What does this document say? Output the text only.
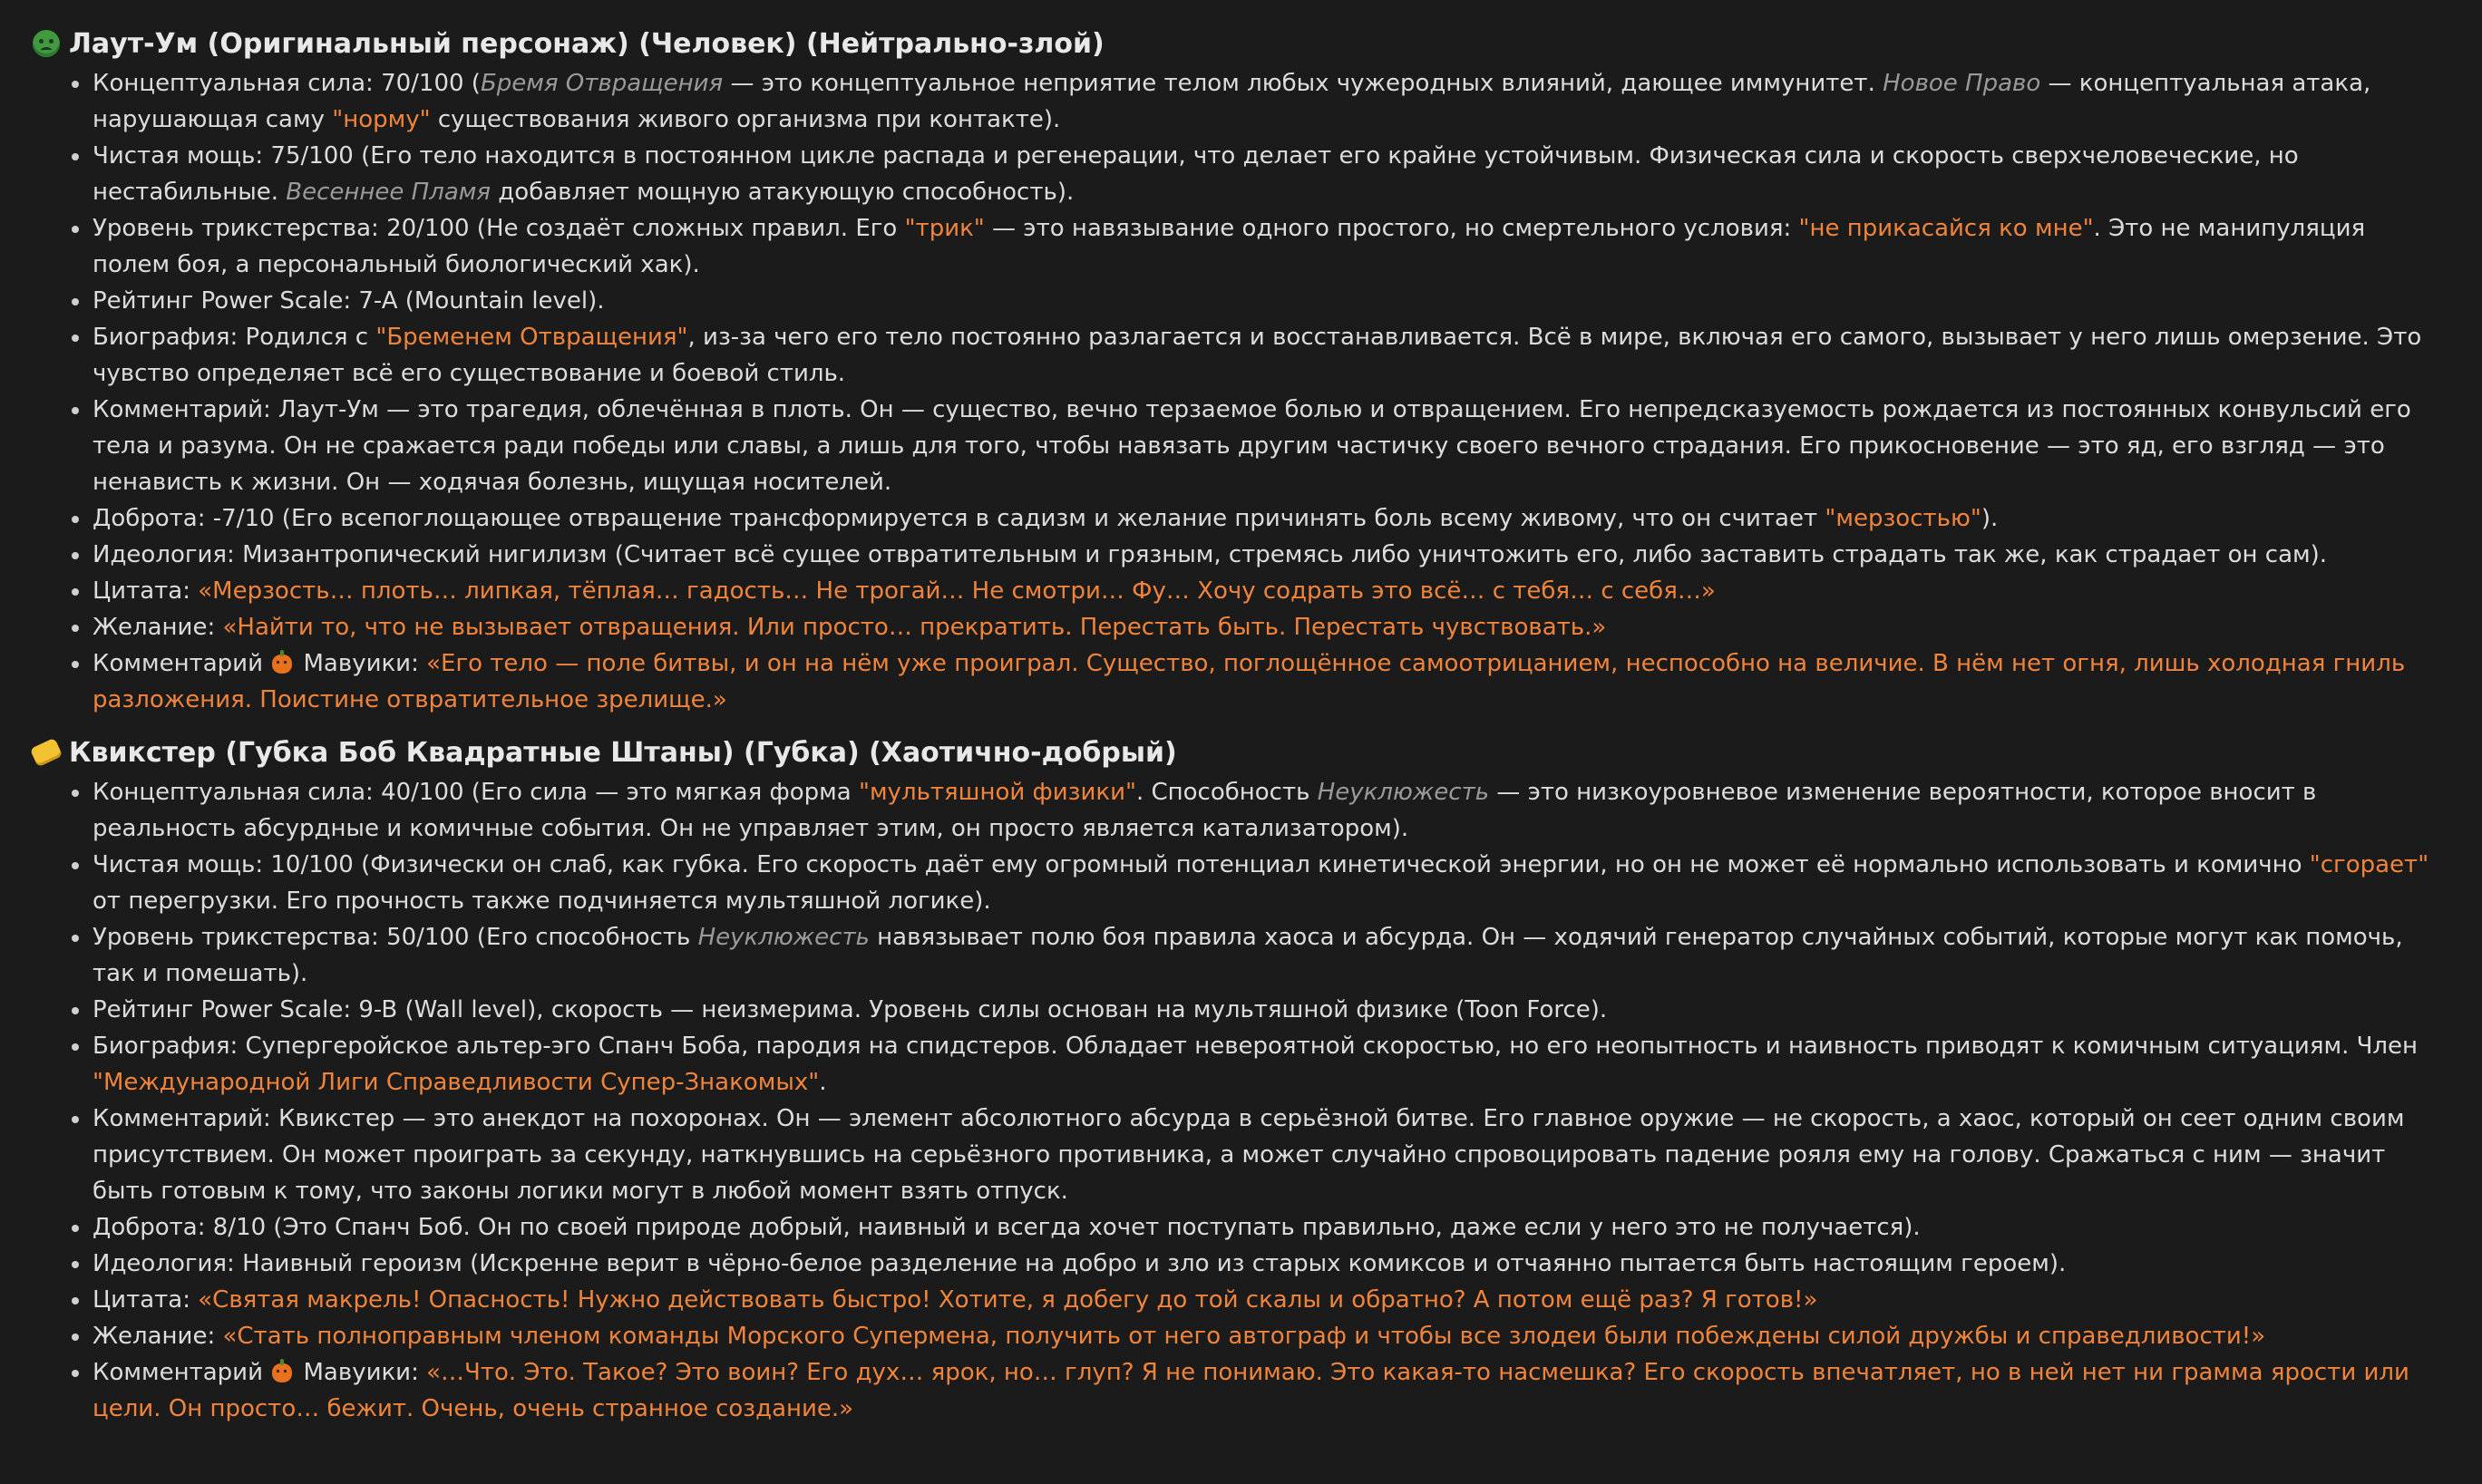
Лаут-Ум (Оригинальный персонаж) (Человек) (Нейтрально-злой)
Концептуальная сила: 70/100 (Бремя Отвращения — это концептуальное неприятие телом любых чужеродных влияний, дающее иммунитет. Новое Право — концептуальная атака, нарушающая саму "норму" существования живого организма при контакте).
Чистая мощь: 75/100 (Его тело находится в постоянном цикле распада и регенерации, что делает его крайне устойчивым. Физическая сила и скорость сверхчеловеческие, но нестабильные. Весеннее Пламя добавляет мощную атакующую способность).
Уровень трикстерства: 20/100 (Не создаёт сложных правил. Его "трик" — это навязывание одного простого, но смертельного условия: "не прикасайся ко мне". Это не манипуляция полем боя, а персональный биологический хак).
Рейтинг Power Scale: 7-A (Mountain level).
Биография: Родился с "Бременем Отвращения", из-за чего его тело постоянно разлагается и восстанавливается. Всё в мире, включая его самого, вызывает у него лишь омерзение. Это чувство определяет всё его существование и боевой стиль.
Комментарий: Лаут-Ум — это трагедия, облечённая в плоть. Он — существо, вечно терзаемое болью и отвращением. Его непредсказуемость рождается из постоянных конвульсий его тела и разума. Он не сражается ради победы или славы, а лишь для того, чтобы навязать другим частичку своего вечного страдания. Его прикосновение — это яд, его взгляд — это ненависть к жизни. Он — ходячая болезнь, ищущая носителей.
Доброта: -7/10 (Его всепоглощающее отвращение трансформируется в садизм и желание причинять боль всему живому, что он считает "мерзостью").
Идеология: Мизантропический нигилизм (Считает всё сущее отвратительным и грязным, стремясь либо уничтожить его, либо заставить страдать так же, как страдает он сам).
Цитата: «Мерзость… плоть… липкая, тёплая… гадость… Не трогай… Не смотри… Фу… Хочу содрать это всё… с тебя… с себя…»
Желание: «Найти то, что не вызывает отвращения. Или просто… прекратить. Перестать быть. Перестать чувствовать.»
Комментарий  Мавуики: «Его тело — поле битвы, и он на нём уже проиграл. Существо, поглощённое самоотрицанием, неспособно на величие. В нём нет огня, лишь холодная гниль разложения. Поистине отвратительное зрелище.»
Квикстер (Губка Боб Квадратные Штаны) (Губка) (Хаотично-добрый)
Концептуальная сила: 40/100 (Его сила — это мягкая форма "мультяшной физики". Способность Неуклюжесть — это низкоуровневое изменение вероятности, которое вносит в реальность абсурдные и комичные события. Он не управляет этим, он просто является катализатором).
Чистая мощь: 10/100 (Физически он слаб, как губка. Его скорость даёт ему огромный потенциал кинетической энергии, но он не может её нормально использовать и комично "сгорает" от перегрузки. Его прочность также подчиняется мультяшной логике).
Уровень трикстерства: 50/100 (Его способность Неуклюжесть навязывает полю боя правила хаоса и абсурда. Он — ходячий генератор случайных событий, которые могут как помочь, так и помешать).
Рейтинг Power Scale: 9-B (Wall level), скорость — неизмерима. Уровень силы основан на мультяшной физике (Toon Force).
Биография: Супергеройское альтер-эго Спанч Боба, пародия на спидстеров. Обладает невероятной скоростью, но его неопытность и наивность приводят к комичным ситуациям. Член "Международной Лиги Справедливости Супер-Знакомых".
Комментарий: Квикстер — это анекдот на похоронах. Он — элемент абсолютного абсурда в серьёзной битве. Его главное оружие — не скорость, а хаос, который он сеет одним своим присутствием. Он может проиграть за секунду, наткнувшись на серьёзного противника, а может случайно спровоцировать падение рояля ему на голову. Сражаться с ним — значит быть готовым к тому, что законы логики могут в любой момент взять отпуск.
Доброта: 8/10 (Это Спанч Боб. Он по своей природе добрый, наивный и всегда хочет поступать правильно, даже если у него это не получается).
Идеология: Наивный героизм (Искренне верит в чёрно-белое разделение на добро и зло из старых комиксов и отчаянно пытается быть настоящим героем).
Цитата: «Святая макрель! Опасность! Нужно действовать быстро! Хотите, я добегу до той скалы и обратно? А потом ещё раз? Я готов!»
Желание: «Стать полноправным членом команды Морского Супермена, получить от него автограф и чтобы все злодеи были побеждены силой дружбы и справедливости!»
Комментарий  Мавуики: «…Что. Это. Такое? Это воин? Его дух… ярок, но… глуп? Я не понимаю. Это какая-то насмешка? Его скорость впечатляет, но в ней нет ни грамма ярости или цели. Он просто… бежит. Очень, очень странное создание.»
